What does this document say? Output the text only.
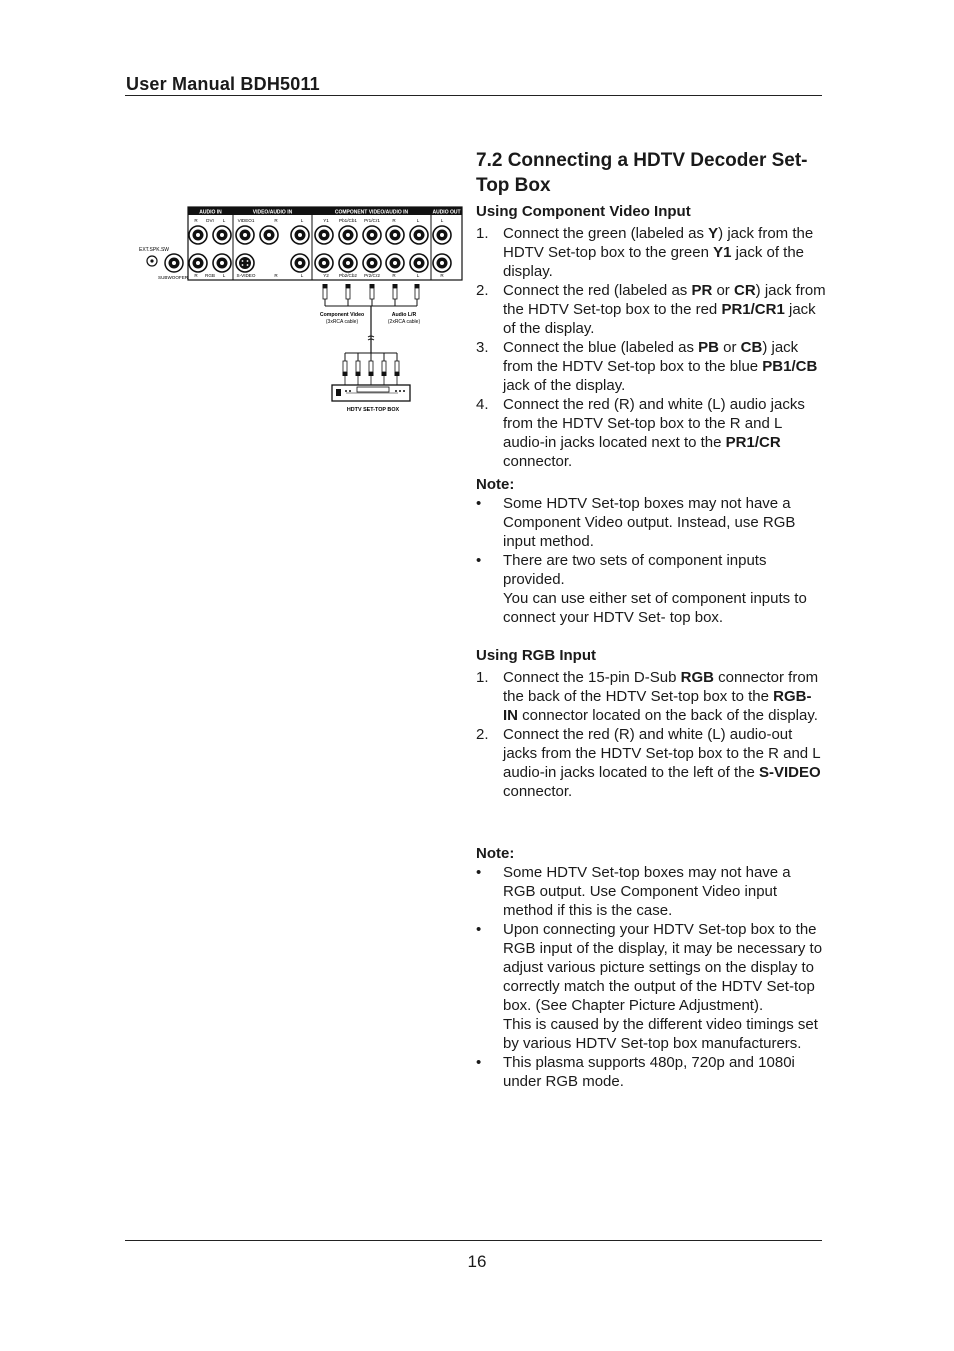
User Manual BDH5011
AUDIO IN	VIDEO/AUDIO IN	COMPONENT VIDEO/AUDIO IN	AUDIO OUT
R DVI L	VIDEO1	R	L	Y1 Pb1/Cb1 Pr1/Cr1	R	L	L
R RGB L S-VIDEO	R	L	Y2 Pb2/Cb2 Pr2/Cr2	R	L	R
EXT.SPK.SW
SUBWOOFER
Component Video
(3xRCA cable)
Audio L/R
(2xRCA cable)
HDTV SET-TOP BOX
7.2 Connecting a HDTV Decoder Set-Top Box

Using Component Video Input

1. Connect the green (labeled as Y) jack from the HDTV Set-top box to the green Y1 jack of the display.

2. Connect the red (labeled as PR or CR) jack from the HDTV Set-top box to the red PR1/CR1 jack of the display.

3. Connect the blue (labeled as PB or CB) jack from the HDTV Set-top box to the blue PB1/CB jack of the display.

4. Connect the red (R) and white (L) audio jacks from the HDTV Set-top box to the R and L audio-in jacks located next to the PR1/CR connector.

Note:

• Some HDTV Set-top boxes may not have a Component Video output. Instead, use RGB input method.

• There are two sets of component inputs provided.

You can use either set of component inputs to connect your HDTV Set- top box.

Using RGB Input

1. Connect the 15-pin D-Sub RGB connector from the back of the HDTV Set-top box to the RGB-IN connector located on the back of the display.

2. Connect the red (R) and white (L) audio-out jacks from the HDTV Set-top box to the R and L audio-in jacks located to the left of the S-VIDEO connector.

Note:

• Some HDTV Set-top boxes may not have a RGB output. Use Component Video input method if this is the case.

• Upon connecting your HDTV Set-top box to the RGB input of the display, it may be necessary to adjust various picture settings on the display to correctly match the output of the HDTV Set-top box. (See Chapter Picture Adjustment).

This is caused by the different video timings set by various HDTV Set-top box manufacturers.

• This plasma supports 480p, 720p and 1080i under RGB mode.

16
